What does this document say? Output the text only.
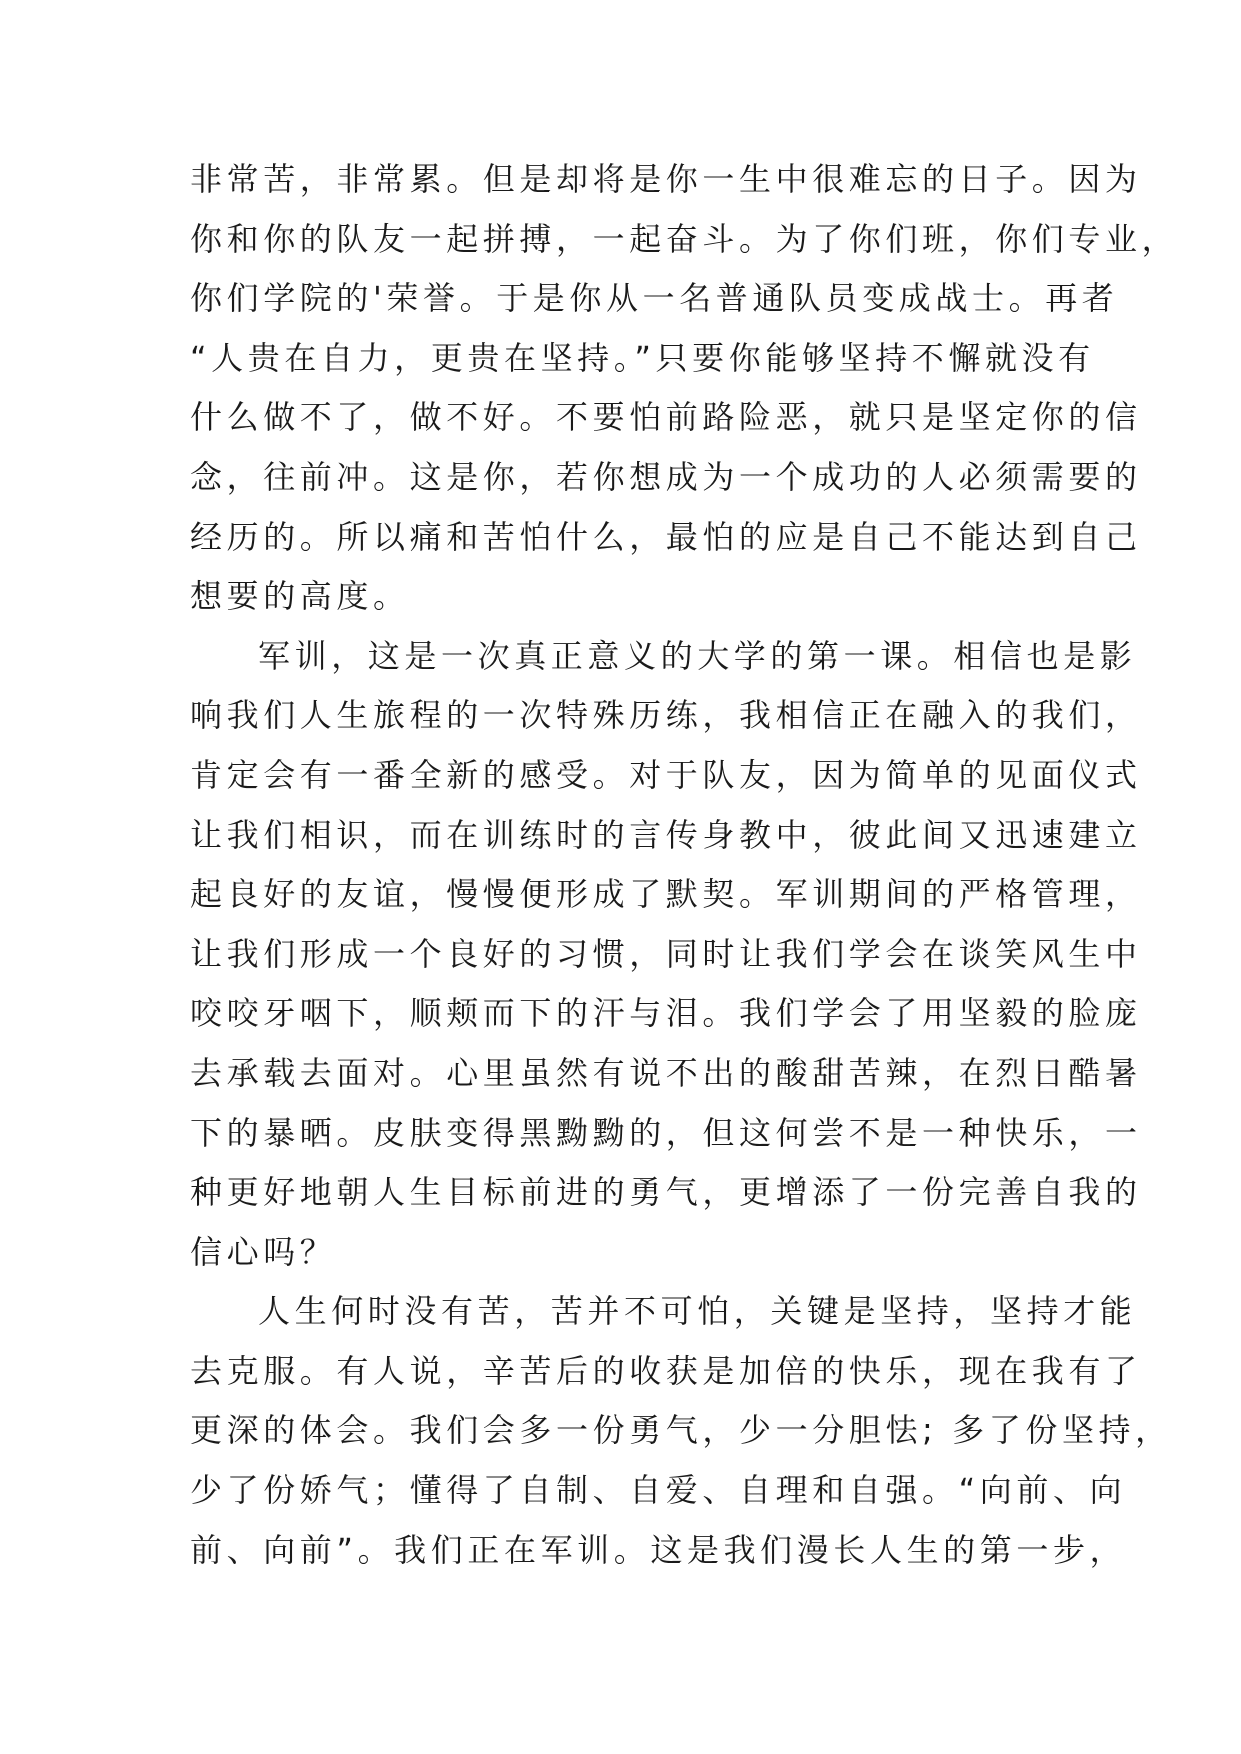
非常苦，非常累。但是却将是你一生中很难忘的日子。因为
你和你的队友一起拼搏，一起奋斗。为了你们班，你们专业，
你们学院的'荣誉。于是你从一名普通队员变成战士。再者
“人贵在自力，更贵在坚持。”只要你能够坚持不懈就没有
什么做不了，做不好。不要怕前路险恶，就只是坚定你的信
念，往前冲。这是你，若你想成为一个成功的人必须需要的
经历的。所以痛和苦怕什么，最怕的应是自己不能达到自己
想要的高度。
军训，这是一次真正意义的大学的第一课。相信也是影
响我们人生旅程的一次特殊历练，我相信正在融入的我们，
肯定会有一番全新的感受。对于队友，因为简单的见面仪式
让我们相识，而在训练时的言传身教中，彼此间又迅速建立
起良好的友谊，慢慢便形成了默契。军训期间的严格管理，
让我们形成一个良好的习惯，同时让我们学会在谈笑风生中
咬咬牙咽下，顺颊而下的汗与泪。我们学会了用坚毅的脸庞
去承载去面对。心里虽然有说不出的酸甜苦辣，在烈日酷暑
下的暴晒。皮肤变得黑黝黝的，但这何尝不是一种快乐，一
种更好地朝人生目标前进的勇气，更增添了一份完善自我的
信心吗？
人生何时没有苦，苦并不可怕，关键是坚持，坚持才能
去克服。有人说，辛苦后的收获是加倍的快乐，现在我有了
更深的体会。我们会多一份勇气，少一分胆怯; 多了份坚持，
少了份娇气；懂得了自制、自爱、自理和自强。“向前、向
前、向前”。我们正在军训。这是我们漫长人生的第一步，
